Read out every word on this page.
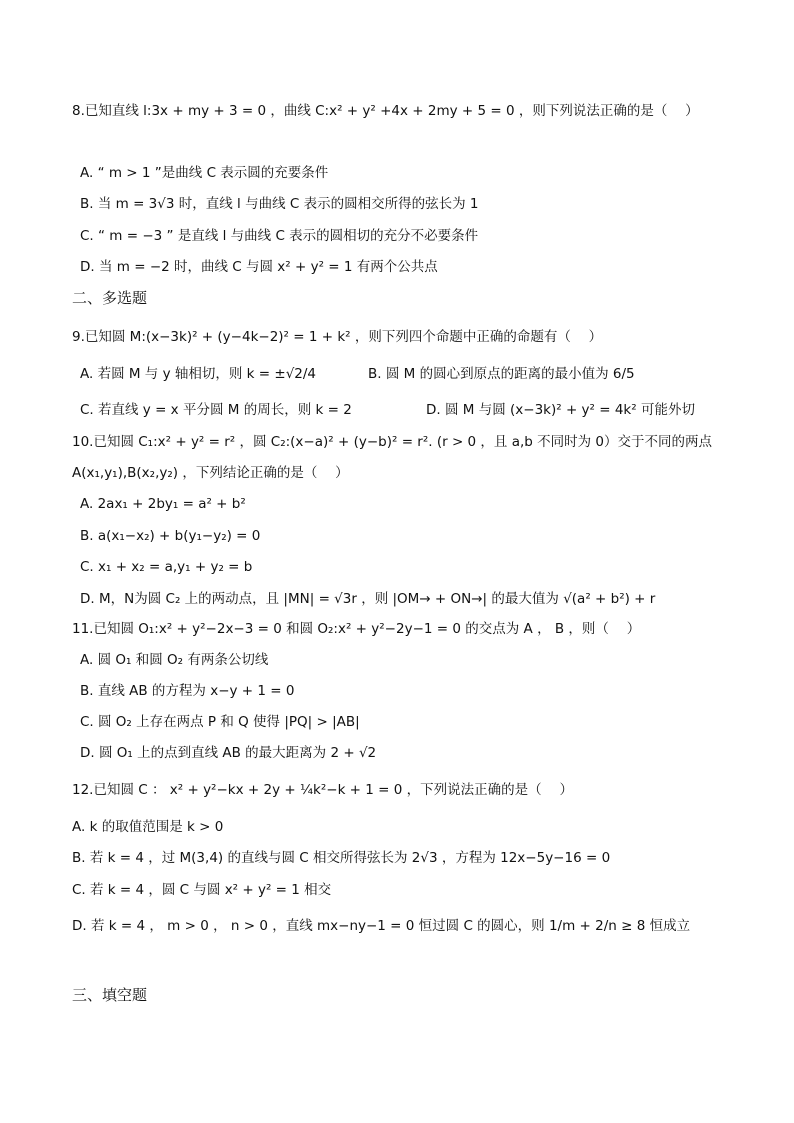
8.已知直线 l:3x + my + 3 = 0 ，曲线 C:x² + y² +4x + 2my + 5 = 0 ，则下列说法正确的是（　 ）
A. “ m > 1 ”是曲线 C 表示圆的充要条件
B. 当 m = 3√3 时，直线 l 与曲线 C 表示的圆相交所得的弦长为 1
C. “ m = −3 ” 是直线 l 与曲线 C 表示的圆相切的充分不必要条件
D. 当 m = −2 时，曲线 C 与圆 x² + y² = 1 有两个公共点
二、多选题
9.已知圆 M:(x−3k)² + (y−4k−2)² = 1 + k² ，则下列四个命题中正确的命题有（　 ）
A. 若圆 M 与 y 轴相切，则 k = ±√2/4	B. 圆 M 的圆心到原点的距离的最小值为 6/5
C. 若直线 y = x 平分圆 M 的周长，则 k = 2	D. 圆 M 与圆 (x−3k)² + y² = 4k² 可能外切
10.已知圆 C₁:x² + y² = r² ，圆 C₂:(x−a)² + (y−b)² = r². (r > 0 ，且 a,b 不同时为 0）交于不同的两点
A(x₁,y₁),B(x₂,y₂) ，下列结论正确的是（　 ）
A. 2ax₁ + 2by₁ = a² + b²
B. a(x₁−x₂) + b(y₁−y₂) = 0
C. x₁ + x₂ = a,y₁ + y₂ = b
D. M，N为圆 C₂ 上的两动点，且 |MN| = √3r ，则 |OM→ + ON→| 的最大值为 √(a² + b²) + r
11.已知圆 O₁:x² + y²−2x−3 = 0 和圆 O₂:x² + y²−2y−1 = 0 的交点为 A ， B ，则（　 ）
A. 圆 O₁ 和圆 O₂ 有两条公切线
B. 直线 AB 的方程为 x−y + 1 = 0
C. 圆 O₂ 上存在两点 P 和 Q 使得 |PQ| > |AB|
D. 圆 O₁ 上的点到直线 AB 的最大距离为 2 + √2
12.已知圆 C ： x² + y²−kx + 2y + ¼k²−k + 1 = 0 ，下列说法正确的是（　 ）
A. k 的取值范围是 k > 0
B. 若 k = 4 ，过 M(3,4) 的直线与圆 C 相交所得弦长为 2√3 ，方程为 12x−5y−16 = 0
C. 若 k = 4 ，圆 C 与圆 x² + y² = 1 相交
D. 若 k = 4 ， m > 0 ， n > 0 ，直线 mx−ny−1 = 0 恒过圆 C 的圆心，则 1/m + 2/n ≥ 8 恒成立
三、填空题
